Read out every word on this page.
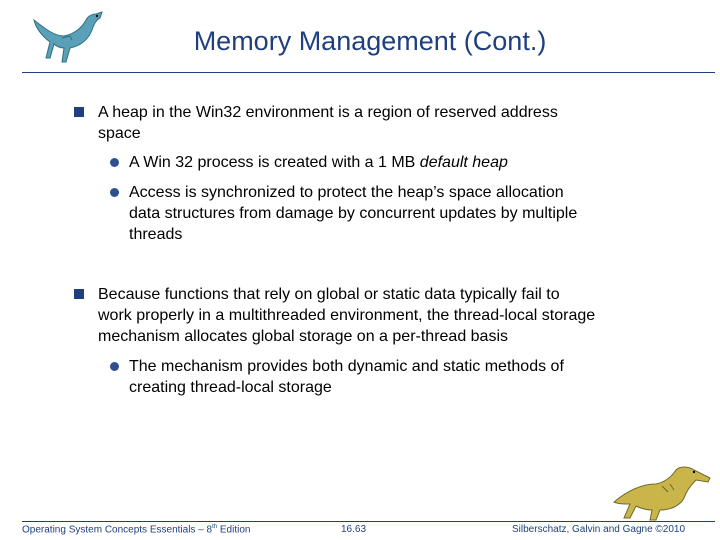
Memory Management (Cont.)
A heap in the Win32 environment is a region of reserved address
space
A Win 32 process is created with a 1 MB default heap
Access is synchronized to protect the heap’s space allocation
data structures from damage by concurrent updates by multiple
threads
Because functions that rely on global or static data typically fail to
work properly in a multithreaded environment, the thread-local storage
mechanism allocates global storage on a per-thread basis
The mechanism provides both dynamic and static methods of
creating thread-local storage
Operating System Concepts Essentials – 8th Edition	16.63	Silberschatz, Galvin and Gagne ©2010
